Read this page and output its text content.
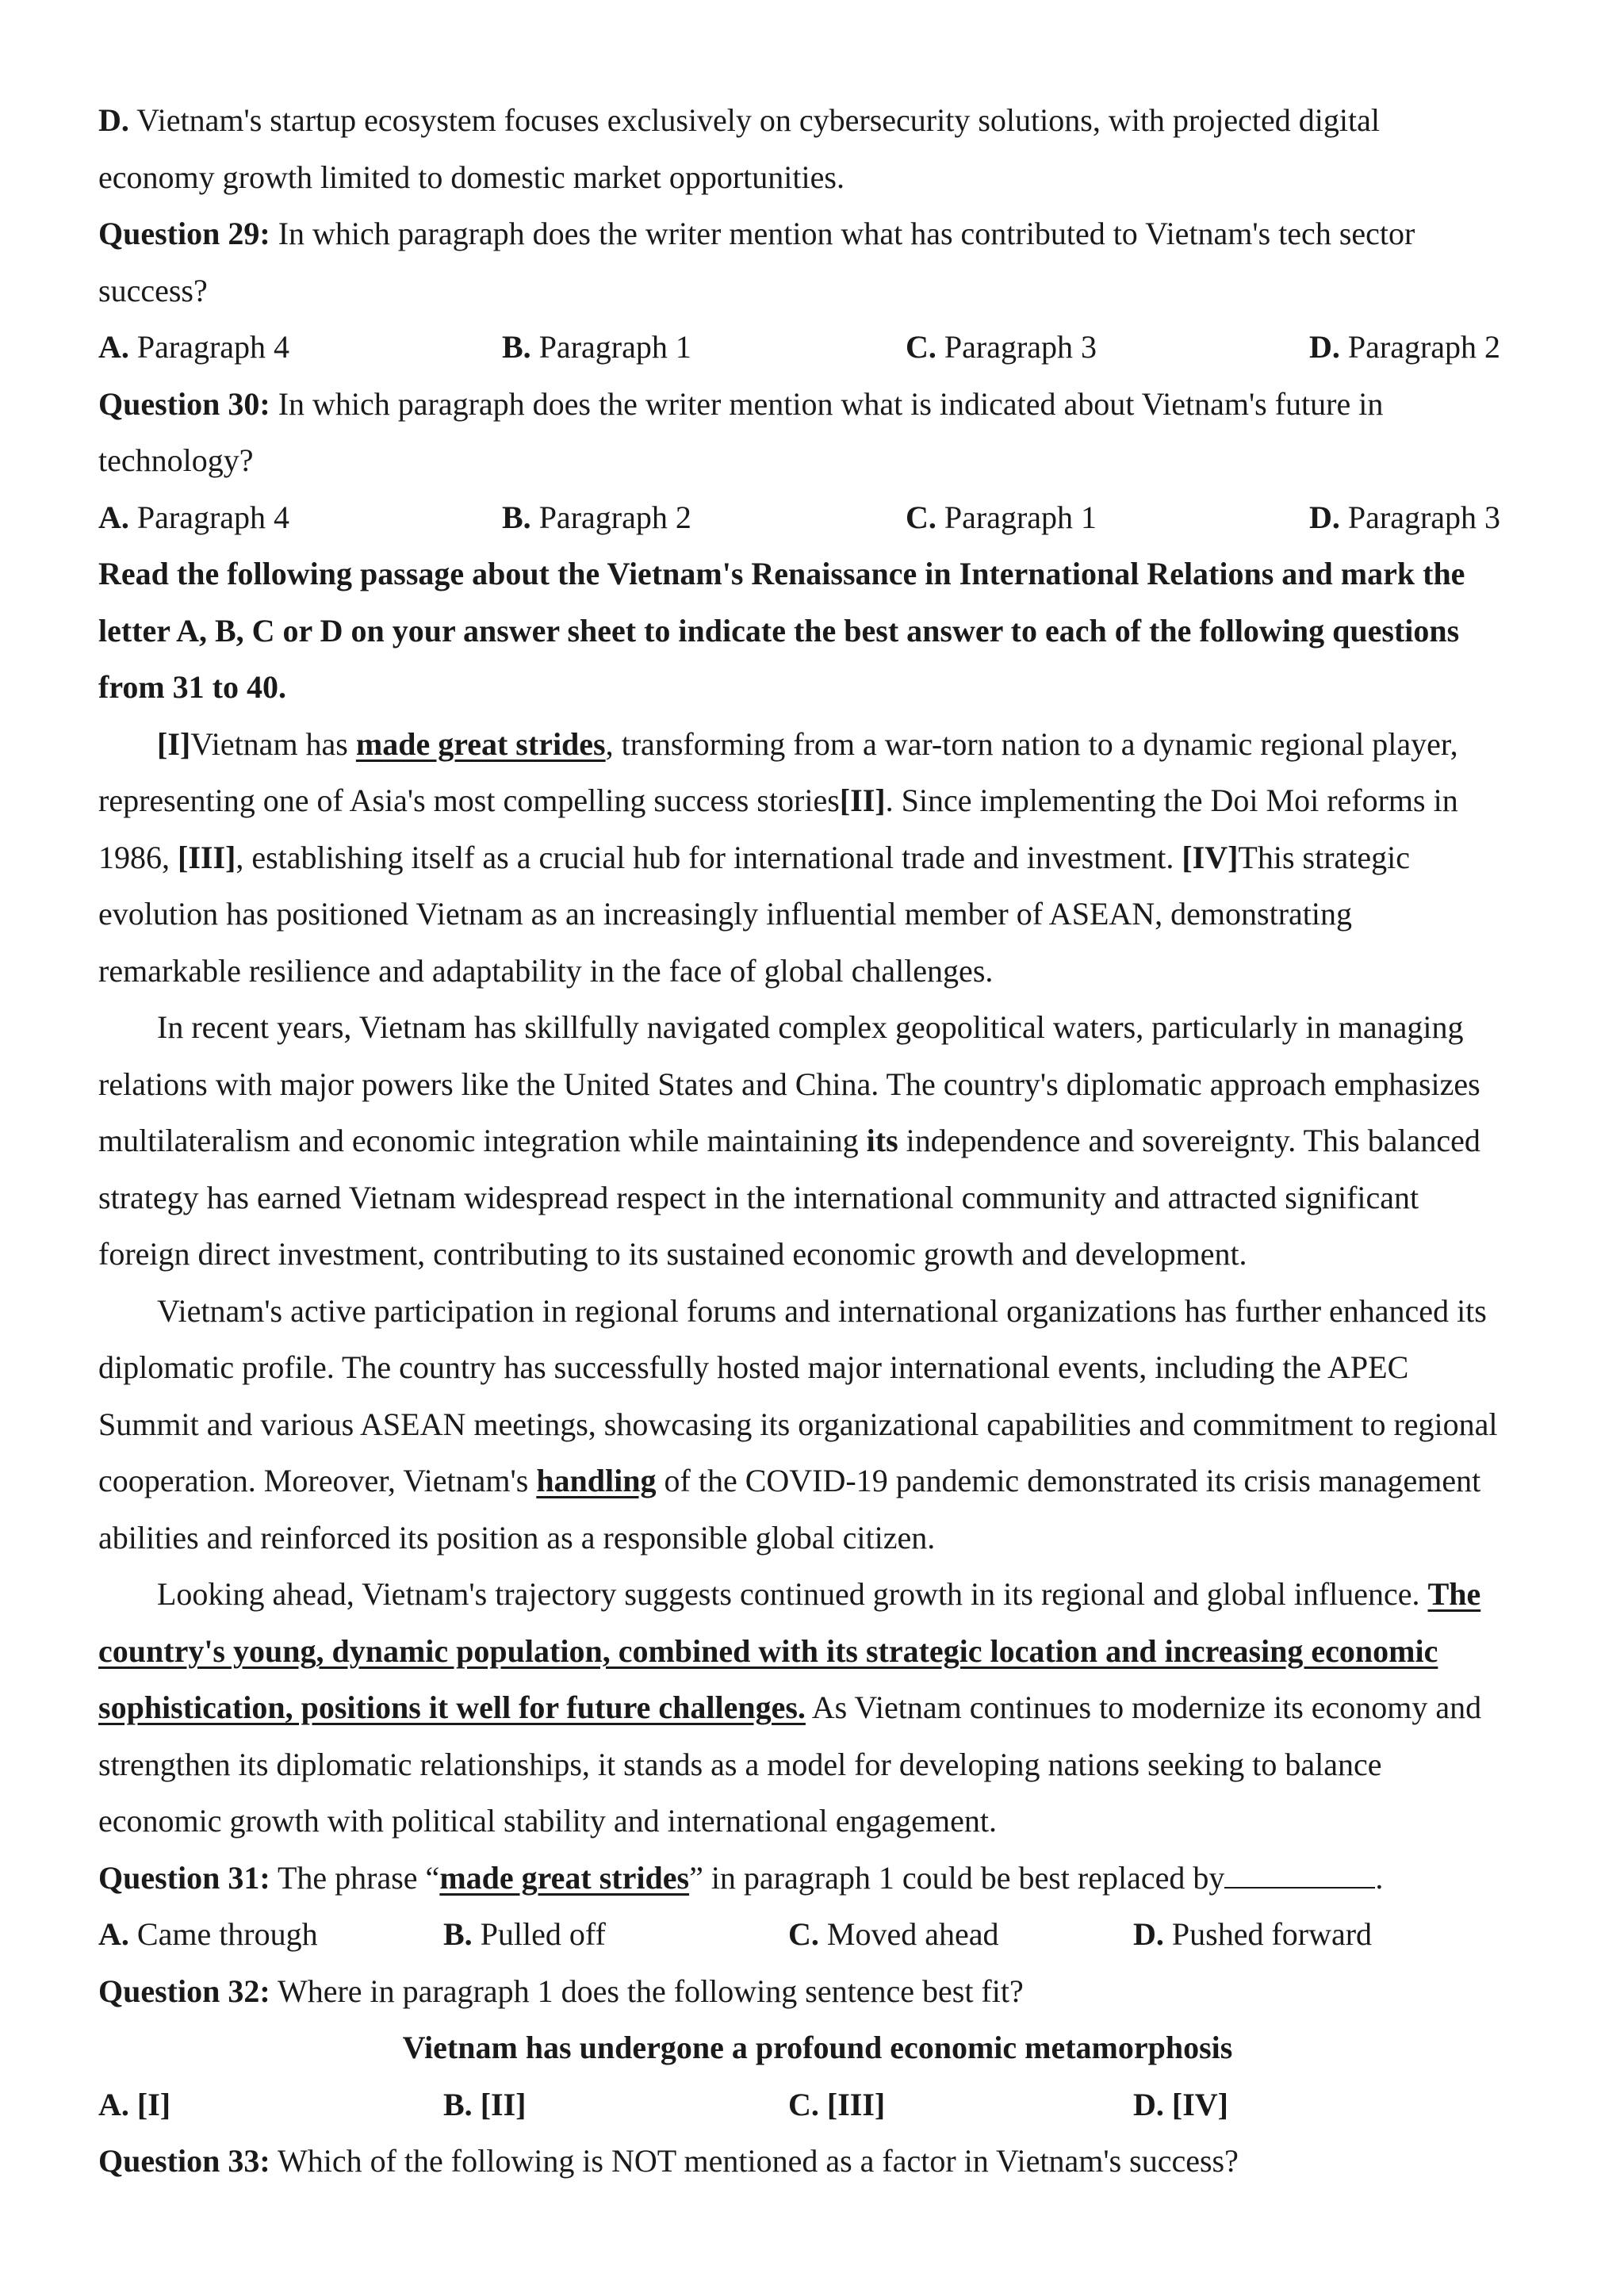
D. Vietnam's startup ecosystem focuses exclusively on cybersecurity solutions, with projected digital
economy growth limited to domestic market opportunities.
Question 29: In which paragraph does the writer mention what has contributed to Vietnam's tech sector
success?
A. Paragraph 4	B. Paragraph 1	C. Paragraph 3	D. Paragraph 2
Question 30: In which paragraph does the writer mention what is indicated about Vietnam's future in
technology?
A. Paragraph 4	B. Paragraph 2	C. Paragraph 1	D. Paragraph 3
Read the following passage about the Vietnam's Renaissance in International Relations and mark the
letter A, B, C or D on your answer sheet to indicate the best answer to each of the following questions
from 31 to 40.
[I]Vietnam has made great strides, transforming from a war-torn nation to a dynamic regional player,
representing one of Asia's most compelling success stories[II]. Since implementing the Doi Moi reforms in
1986, [III], establishing itself as a crucial hub for international trade and investment. [IV]This strategic
evolution has positioned Vietnam as an increasingly influential member of ASEAN, demonstrating
remarkable resilience and adaptability in the face of global challenges.
In recent years, Vietnam has skillfully navigated complex geopolitical waters, particularly in managing
relations with major powers like the United States and China. The country's diplomatic approach emphasizes
multilateralism and economic integration while maintaining its independence and sovereignty. This balanced
strategy has earned Vietnam widespread respect in the international community and attracted significant
foreign direct investment, contributing to its sustained economic growth and development.
Vietnam's active participation in regional forums and international organizations has further enhanced its
diplomatic profile. The country has successfully hosted major international events, including the APEC
Summit and various ASEAN meetings, showcasing its organizational capabilities and commitment to regional
cooperation. Moreover, Vietnam's handling of the COVID-19 pandemic demonstrated its crisis management
abilities and reinforced its position as a responsible global citizen.
Looking ahead, Vietnam's trajectory suggests continued growth in its regional and global influence. The
country's young, dynamic population, combined with its strategic location and increasing economic
sophistication, positions it well for future challenges. As Vietnam continues to modernize its economy and
strengthen its diplomatic relationships, it stands as a model for developing nations seeking to balance
economic growth with political stability and international engagement.
Question 31: The phrase “made great strides” in paragraph 1 could be best replaced by	.
A. Came through	B. Pulled off	C. Moved ahead	D. Pushed forward
Question 32: Where in paragraph 1 does the following sentence best fit?
Vietnam has undergone a profound economic metamorphosis
A. [I]	B. [II]	C. [III]	D. [IV]
Question 33: Which of the following is NOT mentioned as a factor in Vietnam's success?
